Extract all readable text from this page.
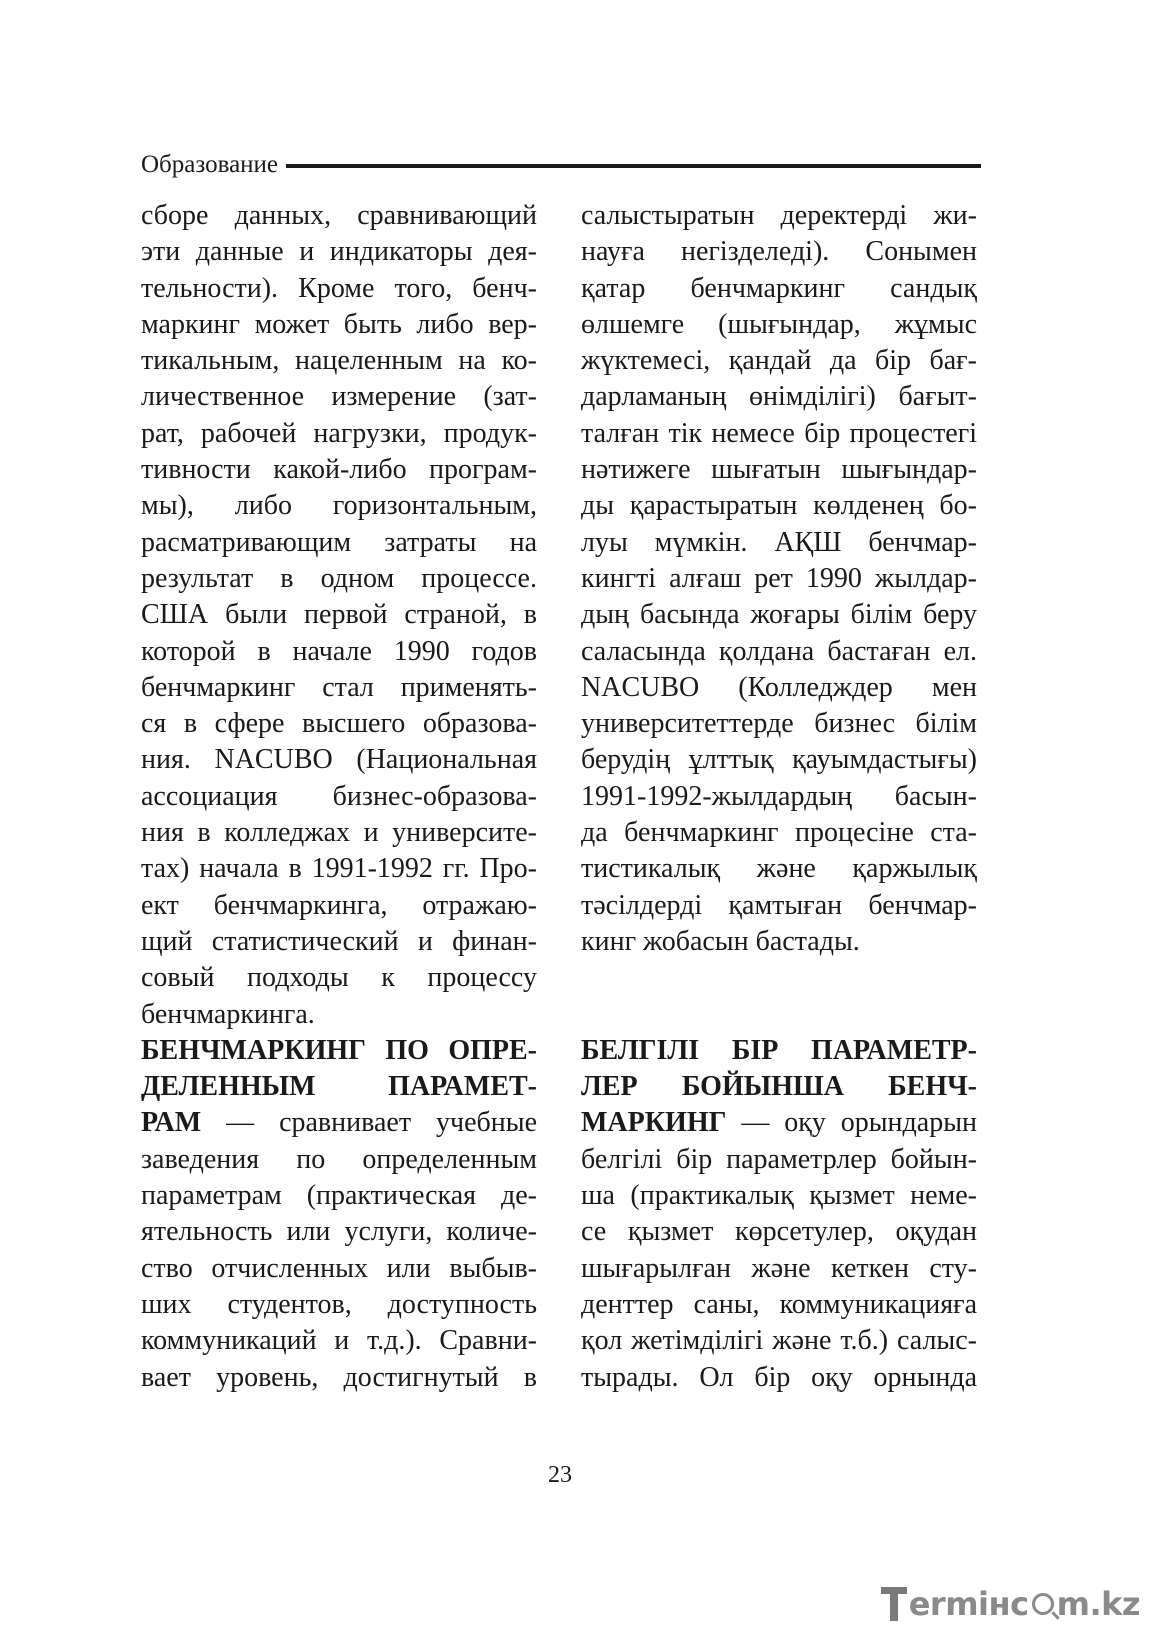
Образование
сборе данных, сравнивающий
эти данные и индикаторы дея-
тельности). Кроме того, бенч-
маркинг может быть либо вер-
тикальным, нацеленным на ко-
личественное измерение (зат-
рат, рабочей нагрузки, продук-
тивности какой-либо програм-
мы), либо горизонтальным,
расматривающим затраты на
результат в одном процессе.
США были первой страной, в
которой в начале 1990 годов
бенчмаркинг стал применять-
ся в сфере высшего образова-
ния. NACUBO (Национальная
ассоциация бизнес-образова-
ния в колледжах и университе-
тах) начала в 1991-1992 гг. Про-
ект бенчмаркинга, отражаю-
щий статистический и финан-
совый подходы к процессу
бенчмаркинга.
БЕНЧМАРКИНГ ПО ОПРЕ-
ДЕЛЕННЫМ ПАРАМЕТ-
РАМ — сравнивает учебные
заведения по определенным
параметрам (практическая де-
ятельность или услуги, количе-
ство отчисленных или выбыв-
ших студентов, доступность
коммуникаций и т.д.). Сравни-
вает уровень, достигнутый в
салыстыратын деректерді жи-
науға негізделеді). Сонымен
қатар бенчмаркинг сандық
өлшемге (шығындар, жұмыс
жүктемесі, қандай да бір бағ-
дарламаның өнімділігі) бағыт-
талған тік немесе бір процестегі
нәтижеге шығатын шығындар-
ды қарастыратын көлденең бо-
луы мүмкін. АҚШ бенчмар-
кингті алғаш рет 1990 жылдар-
дың басында жоғары білім беру
саласында қолдана бастаған ел.
NACUBO (Колледждер мен
университеттерде бизнес білім
берудің ұлттық қауымдастығы)
1991-1992-жылдардың басын-
да бенчмаркинг процесіне ста-
тистикалық және қаржылық
тәсілдерді қамтыған бенчмар-
кинг жобасын бастады.
БЕЛГІЛІ БІР ПАРАМЕТР-
ЛЕР БОЙЫНША БЕНЧ-
МАРКИНГ — оқу орындарын
белгілі бір параметрлер бойын-
ша (практикалық қызмет неме-
се қызмет көрсетулер, оқудан
шығарылған және кеткен сту-
денттер саны, коммуникацияға
қол жетімділігі және т.б.) салыс-
тырады. Ол бір оқу орнында
23
ermінc m.kz
